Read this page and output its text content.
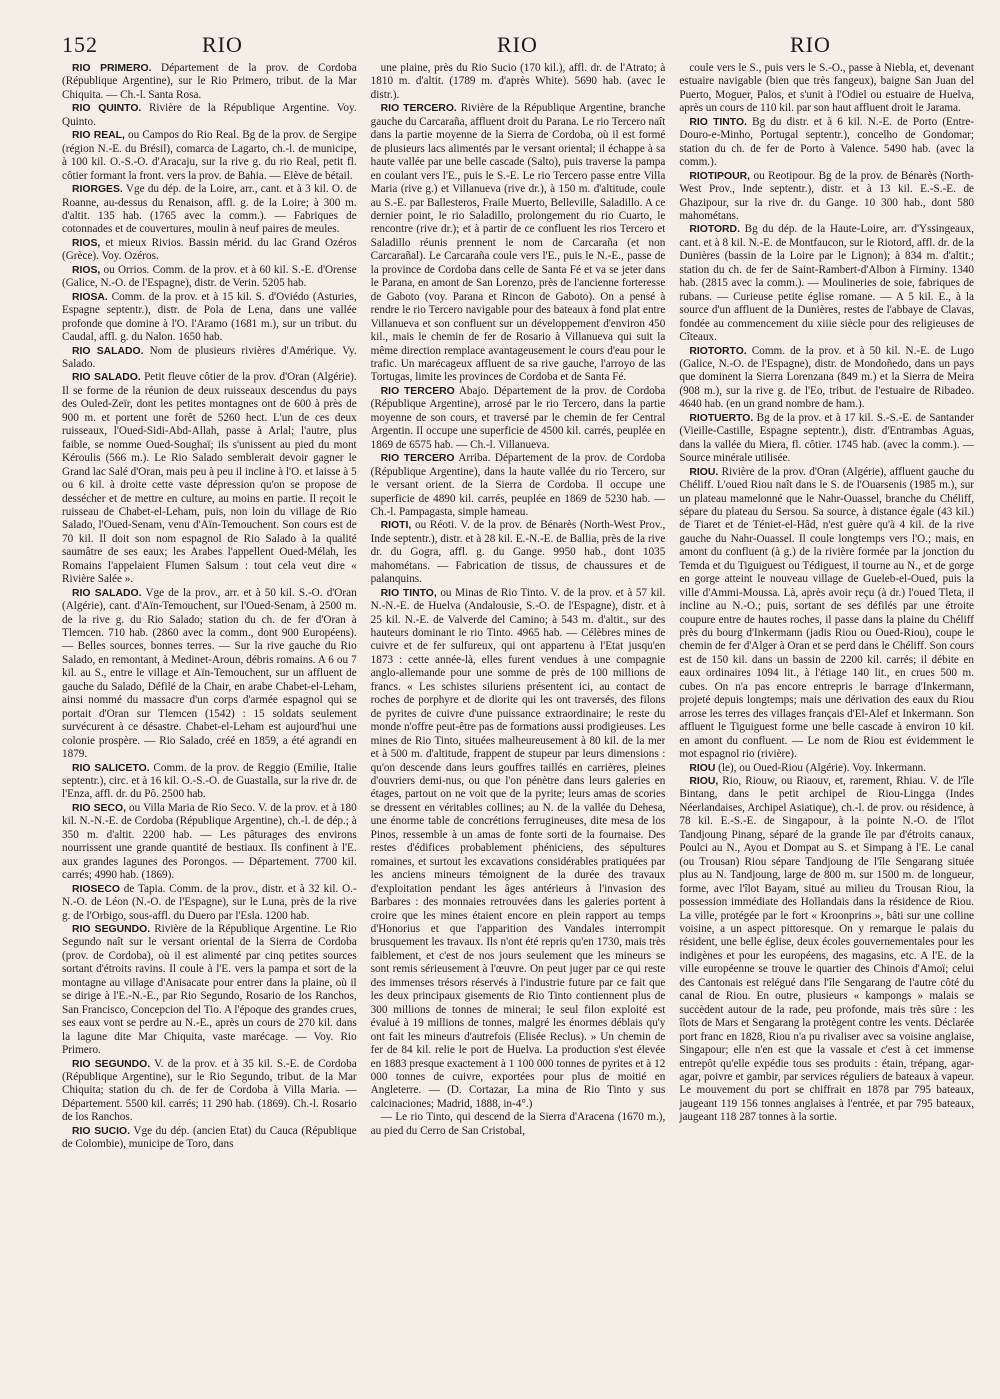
152	RIO	RIO	RIO

RIO PRIMERO. Département de la prov. de Cordoba (République Argentine), sur le Rio Primero, tribut. de la Mar Chiquita. — Ch.-l. Santa Rosa.

RIO QUINTO. Rivière de la République Argentine. Voy. Quinto.

RIO REAL, ou Campos do Rio Real. Bg de la prov. de Sergipe (région N.-E. du Brésil), comarca de Lagarto, ch.-l. de municipe, à 100 kil. O.-S.-O. d'Aracaju, sur la rive g. du rio Real, petit fl. côtier formant la front. vers la prov. de Bahia. — Elève de bétail.

RIORGES. Vge du dép. de la Loire, arr., cant. et à 3 kil. O. de Roanne, au-dessus du Renaison, affl. g. de la Loire; à 300 m. d'altit. 135 hab. (1765 avec la comm.). — Fabriques de cotonnades et de couvertures, moulin à neuf paires de meules.

RIOS, et mieux Rivios. Bassin mérid. du lac Grand Ozéros (Grèce). Voy. Ozéros.

RIOS, ou Orrios. Comm. de la prov. et à 60 kil. S.-E. d'Orense (Galice, N.-O. de l'Espagne), distr. de Verin. 5205 hab.

RIOSA. Comm. de la prov. et à 15 kil. S. d'Oviédo (Asturies, Espagne septentr.), distr. de Pola de Lena, dans une vallée profonde que domine à l'O. l'Aramo (1681 m.), sur un tribut. du Caudal, affl. g. du Nalon. 1650 hab.

RIO SALADO. Nom de plusieurs rivières d'Amérique. Vy. Salado.

RIO SALADO. Petit fleuve côtier de la prov. d'Oran (Algérie). Il se forme de la réunion de deux ruisseaux descendus du pays des Ouled-Zeïr, dont les petites montagnes ont de 600 à près de 900 m. et portent une forêt de 5260 hect. L'un de ces deux ruisseaux, l'Oued-Sidi-Abd-Allah, passe à Arlal; l'autre, plus faible, se nomme Oued-Soughaï; ils s'unissent au pied du mont Kéroulis (566 m.). Le Rio Salado semblerait devoir gagner le Grand lac Salé d'Oran, mais peu à peu il incline à l'O. et laisse à 5 ou 6 kil. à droite cette vaste dépression qu'on se propose de dessécher et de mettre en culture, au moins en partie. Il reçoit le ruisseau de Chabet-el-Leham, puis, non loin du village de Rio Salado, l'Oued-Senam, venu d'Aïn-Temouchent. Son cours est de 70 kil. Il doit son nom espagnol de Rio Salado à la qualité saumâtre de ses eaux; les Arabes l'appellent Oued-Mélah, les Romains l'appelaient Flumen Salsum : tout cela veut dire « Rivière Salée ».

RIO SALADO. Vge de la prov., arr. et à 50 kil. S.-O. d'Oran (Algérie), cant. d'Aïn-Temouchent, sur l'Oued-Senam, à 2500 m. de la rive g. du Rio Salado; station du ch. de fer d'Oran à Tlemcen. 710 hab. (2860 avec la comm., dont 900 Européens). — Belles sources, bonnes terres. — Sur la rive gauche du Rio Salado, en remontant, à Medinet-Aroun, débris romains. A 6 ou 7 kil. au S., entre le village et Aïn-Temouchent, sur un affluent de gauche du Salado, Défilé de la Chair, en arabe Chabet-el-Leham, ainsi nommé du massacre d'un corps d'armée espagnol qui se portait d'Oran sur Tlemcen (1542) : 15 soldats seulement survécurent à ce désastre. Chabet-el-Leham est aujourd'hui une colonie prospère. — Rio Salado, créé en 1859, a été agrandi en 1879.

RIO SALICETO. Comm. de la prov. de Reggio (Emilie, Italie septentr.), circ. et à 16 kil. O.-S.-O. de Guastalla, sur la rive dr. de l'Enza, affl. dr. du Pô. 2500 hab.

RIO SECO, ou Villa Maria de Rio Seco. V. de la prov. et à 180 kil. N.-N.-E. de Cordoba (République Argentine), ch.-l. de dép.; à 350 m. d'altit. 2200 hab. — Les pâturages des environs nourrissent une grande quantité de bestiaux. Ils confinent à l'E. aux grandes lagunes des Porongos. — Département. 7700 kil. carrés; 4990 hab. (1869).

RIOSECO de Tapia. Comm. de la prov., distr. et à 32 kil. O.-N.-O. de Léon (N.-O. de l'Espagne), sur le Luna, près de la rive g. de l'Orbigo, sous-affl. du Duero par l'Esla. 1200 hab.

RIO SEGUNDO. Rivière de la République Argentine. Le Rio Segundo naît sur le versant oriental de la Sierra de Cordoba (prov. de Cordoba), où il est alimenté par cinq petites sources sortant d'étroits ravins. Il coule à l'E. vers la pampa et sort de la montagne au village d'Anisacate pour entrer dans la plaine, où il se dirige à l'E.-N.-E., par Rio Segundo, Rosario de los Ranchos, San Francisco, Concepcion del Tio. A l'époque des grandes crues, ses eaux vont se perdre au N.-E., après un cours de 270 kil. dans la lagune dite Mar Chiquita, vaste marécage. — Voy. Rio Primero.

RIO SEGUNDO. V. de la prov. et à 35 kil. S.-E. de Cordoba (République Argentine), sur le Rio Segundo, tribut. de la Mar Chiquita; station du ch. de fer de Cordoba à Villa Maria. — Département. 5500 kil. carrés; 11 290 hab. (1869). Ch.-l. Rosario de los Ranchos.

RIO SUCIO. Vge du dép. (ancien Etat) du Cauca (République de Colombie), municipe de Toro, dans

une plaine, près du Rio Sucio (170 kil.), affl. dr. de l'Atrato; à 1810 m. d'altit. (1789 m. d'après White). 5690 hab. (avec le distr.).

RIO TERCERO. Rivière de la République Argentine, branche gauche du Carcaraña, affluent droit du Parana. Le rio Tercero naît dans la partie moyenne de la Sierra de Cordoba, où il est formé de plusieurs lacs alimentés par le versant oriental; il échappe à sa haute vallée par une belle cascade (Salto), puis traverse la pampa en coulant vers l'E., puis le S.-E. Le rio Tercero passe entre Villa Maria (rive g.) et Villanueva (rive dr.), à 150 m. d'altitude, coule au S.-E. par Ballesteros, Fraile Muerto, Belleville, Saladillo. A ce dernier point, le rio Saladillo, prolongement du rio Cuarto, le rencontre (rive dr.); et à partir de ce confluent les rios Tercero et Saladillo réunis prennent le nom de Carcaraña (et non Carcarañal). Le Carcaraña coule vers l'E., puis le N.-E., passe de la province de Cordoba dans celle de Santa Fé et va se jeter dans le Parana, en amont de San Lorenzo, près de l'ancienne forteresse de Gaboto (voy. Parana et Rincon de Gaboto). On a pensé à rendre le rio Tercero navigable pour des bateaux à fond plat entre Villanueva et son confluent sur un développement d'environ 450 kil., mais le chemin de fer de Rosario à Villanueva qui suit la même direction remplace avantageusement le cours d'eau pour le trafic. Un marécageux affluent de sa rive gauche, l'arroyo de las Tortugas, limite les provinces de Cordoba et de Santa Fé.

RIO TERCERO Abajo. Département de la prov. de Cordoba (République Argentine), arrosé par le rio Tercero, dans la partie moyenne de son cours, et traversé par le chemin de fer Central Argentin. Il occupe une superficie de 4500 kil. carrés, peuplée en 1869 de 6575 hab. — Ch.-l. Villanueva.

RIO TERCERO Arriba. Département de la prov. de Cordoba (République Argentine), dans la haute vallée du rio Tercero, sur le versant orient. de la Sierra de Cordoba. Il occupe une superficie de 4890 kil. carrés, peuplée en 1869 de 5230 hab. — Ch.-l. Pampagasta, simple hameau.

RIOTI, ou Réoti. V. de la prov. de Bénarès (North-West Prov., Inde septentr.), distr. et à 28 kil. E.-N.-E. de Ballia, près de la rive dr. du Gogra, affl. g. du Gange. 9950 hab., dont 1035 mahométans. — Fabrication de tissus, de chaussures et de palanquins.

RIO TINTO, ou Minas de Rio Tinto. V. de la prov. et à 57 kil. N.-N.-E. de Huelva (Andalousie, S.-O. de l'Espagne), distr. et à 25 kil. N.-E. de Valverde del Camino; à 543 m. d'altit., sur des hauteurs dominant le rio Tinto. 4965 hab. — Célèbres mines de cuivre et de fer sulfureux, qui ont appartenu à l'Etat jusqu'en 1873 : cette année-là, elles furent vendues à une compagnie anglo-allemande pour une somme de près de 100 millions de francs. « Les schistes siluriens présentent ici, au contact de roches de porphyre et de diorite qui les ont traversés, des filons de pyrites de cuivre d'une puissance extraordinaire; le reste du monde n'offre peut-être pas de formations aussi prodigieuses. Les mines de Rio Tinto, situées malheureusement à 80 kil. de la mer et à 500 m. d'altitude, frappent de stupeur par leurs dimensions : qu'on descende dans leurs gouffres taillés en carrières, pleines d'ouvriers demi-nus, ou que l'on pénètre dans leurs galeries en étages, partout on ne voit que de la pyrite; leurs amas de scories se dressent en véritables collines; au N. de la vallée du Dehesa, une énorme table de concrétions ferrugineuses, dite mesa de los Pinos, ressemble à un amas de fonte sorti de la fournaise. Des restes d'édifices probablement phéniciens, des sépultures romaines, et surtout les excavations considérables pratiquées par les anciens mineurs témoignent de la durée des travaux d'exploitation pendant les âges antérieurs à l'invasion des Barbares : des monnaies retrouvées dans les galeries portent à croire que les mines étaient encore en plein rapport au temps d'Honorius et que l'apparition des Vandales interrompit brusquement les travaux. Ils n'ont été repris qu'en 1730, mais très faiblement, et c'est de nos jours seulement que les mineurs se sont remis sérieusement à l'œuvre. On peut juger par ce qui reste des immenses trésors réservés à l'industrie future par ce fait que les deux principaux gisements de Rio Tinto contiennent plus de 300 millions de tonnes de minerai; le seul filon exploité est évalué à 19 millions de tonnes, malgré les énormes déblais qu'y ont fait les mineurs d'autrefois (Elisée Reclus). » Un chemin de fer de 84 kil. relie le port de Huelva. La production s'est élevée en 1883 presque exactement à 1 100 000 tonnes de pyrites et à 12 000 tonnes de cuivre, exportées pour plus de moitié en Angleterre. — (D. Cortazar, La mina de Rio Tinto y sus calcinaciones; Madrid, 1888, in-4°.)

— Le rio Tinto, qui descend de la Sierra d'Aracena (1670 m.), au pied du Cerro de San Cristobal,

coule vers le S., puis vers le S.-O., passe à Niebla, et, devenant estuaire navigable (bien que très fangeux), baigne San Juan del Puerto, Moguer, Palos, et s'unit à l'Odiel ou estuaire de Huelva, après un cours de 110 kil. par son haut affluent droit le Jarama.

RIO TINTO. Bg du distr. et à 6 kil. N.-E. de Porto (Entre-Douro-e-Minho, Portugal septentr.), concelho de Gondomar; station du ch. de fer de Porto à Valence. 5490 hab. (avec la comm.).

RIOTIPOUR, ou Reotipour. Bg de la prov. de Bénarès (North-West Prov., Inde septentr.), distr. et à 13 kil. E.-S.-E. de Ghazipour, sur la rive dr. du Gange. 10 300 hab., dont 580 mahométans.

RIOTORD. Bg du dép. de la Haute-Loire, arr. d'Yssingeaux, cant. et à 8 kil. N.-E. de Montfaucon, sur le Riotord, affl. dr. de la Dunières (bassin de la Loire par le Lignon); à 834 m. d'altit.; station du ch. de fer de Saint-Rambert-d'Albon à Firminy. 1340 hab. (2815 avec la comm.). — Moulineries de soie, fabriques de rubans. — Curieuse petite église romane. — A 5 kil. E., à la source d'un affluent de la Dunières, restes de l'abbaye de Clavas, fondée au commencement du xiiie siècle pour des religieuses de Cîteaux.

RIOTORTO. Comm. de la prov. et à 50 kil. N.-E. de Lugo (Galice, N.-O. de l'Espagne), distr. de Mondoñedo, dans un pays que dominent la Sierra Lorenzana (849 m.) et la Sierra de Meira (908 m.), sur la rive g. de l'Eo, tribut. de l'estuaire de Ribadeo. 4640 hab. (en un grand nombre de ham.).

RIOTUERTO. Bg de la prov. et à 17 kil. S.-S.-E. de Santander (Vieille-Castille, Espagne septentr.), distr. d'Entrambas Aguas, dans la vallée du Miera, fl. côtier. 1745 hab. (avec la comm.). — Source minérale utilisée.

RIOU. Rivière de la prov. d'Oran (Algérie), affluent gauche du Chéliff. L'oued Riou naît dans le S. de l'Ouarsenis (1985 m.), sur un plateau mamelonné que le Nahr-Ouassel, branche du Chéliff, sépare du plateau du Sersou. Sa source, à distance égale (43 kil.) de Tiaret et de Téniet-el-Hâd, n'est guère qu'à 4 kil. de la rive gauche du Nahr-Ouassel. Il coule longtemps vers l'O.; mais, en amont du confluent (à g.) de la rivière formée par la jonction du Temda et du Tiguiguest ou Tédiguest, il tourne au N., et de gorge en gorge atteint le nouveau village de Gueleb-el-Oued, puis la ville d'Ammi-Moussa. Là, après avoir reçu (à dr.) l'oued Tleta, il incline au N.-O.; puis, sortant de ses défilés par une étroite coupure entre de hautes roches, il passe dans la plaine du Chéliff près du bourg d'Inkermann (jadis Riou ou Oued-Riou), coupe le chemin de fer d'Alger à Oran et se perd dans le Chéliff. Son cours est de 150 kil. dans un bassin de 2200 kil. carrés; il débite en eaux ordinaires 1094 lit., à l'étiage 140 lit., en crues 500 m. cubes. On n'a pas encore entrepris le barrage d'Inkermann, projeté depuis longtemps; mais une dérivation des eaux du Riou arrose les terres des villages français d'El-Alef et Inkermann. Son affluent le Tiguiguest forme une belle cascade à environ 10 kil. en amont du confluent. — Le nom de Riou est évidemment le mot espagnol rio (rivière).

RIOU (le), ou Oued-Riou (Algérie). Voy. Inkermann.

RIOU, Rio, Riouw, ou Riaouv, et, rarement, Rhiau. V. de l'île Bintang, dans le petit archipel de Riou-Lingga (Indes Néerlandaises, Archipel Asiatique), ch.-l. de prov. ou résidence, à 78 kil. E.-S.-E. de Singapour, à la pointe N.-O. de l'îlot Tandjoung Pinang, séparé de la grande île par d'étroits canaux, Poulci au N., Ayou et Dompat au S. et Simpang à l'E. Le canal (ou Trousan) Riou sépare Tandjoung de l'île Sengarang située plus au N. Tandjoung, large de 800 m. sur 1500 m. de longueur, forme, avec l'îlot Bayam, situé au milieu du Trousan Riou, la possession immédiate des Hollandais dans la résidence de Riou. La ville, protégée par le fort « Kroonprins », bâti sur une colline voisine, a un aspect pittoresque. On y remarque le palais du résident, une belle église, deux écoles gouvernementales pour les indigènes et pour les européens, des magasins, etc. A l'E. de la ville européenne se trouve le quartier des Chinois d'Amoï; celui des Cantonais est relégué dans l'île Sengarang de l'autre côté du canal de Riou. En outre, plusieurs « kampongs » malais se succèdent autour de la rade, peu profonde, mais très sûre : les îlots de Mars et Sengarang la protègent contre les vents. Déclarée port franc en 1828, Riou n'a pu rivaliser avec sa voisine anglaise, Singapour; elle n'en est que la vassale et c'est à cet immense entrepôt qu'elle expédie tous ses produits : étain, trépang, agar-agar, poivre et gambir, par services réguliers de bateaux à vapeur. Le mouvement du port se chiffrait en 1878 par 795 bateaux, jaugeant 119 156 tonnes anglaises à l'entrée, et par 795 bateaux, jaugeant 118 287 tonnes à la sortie.
